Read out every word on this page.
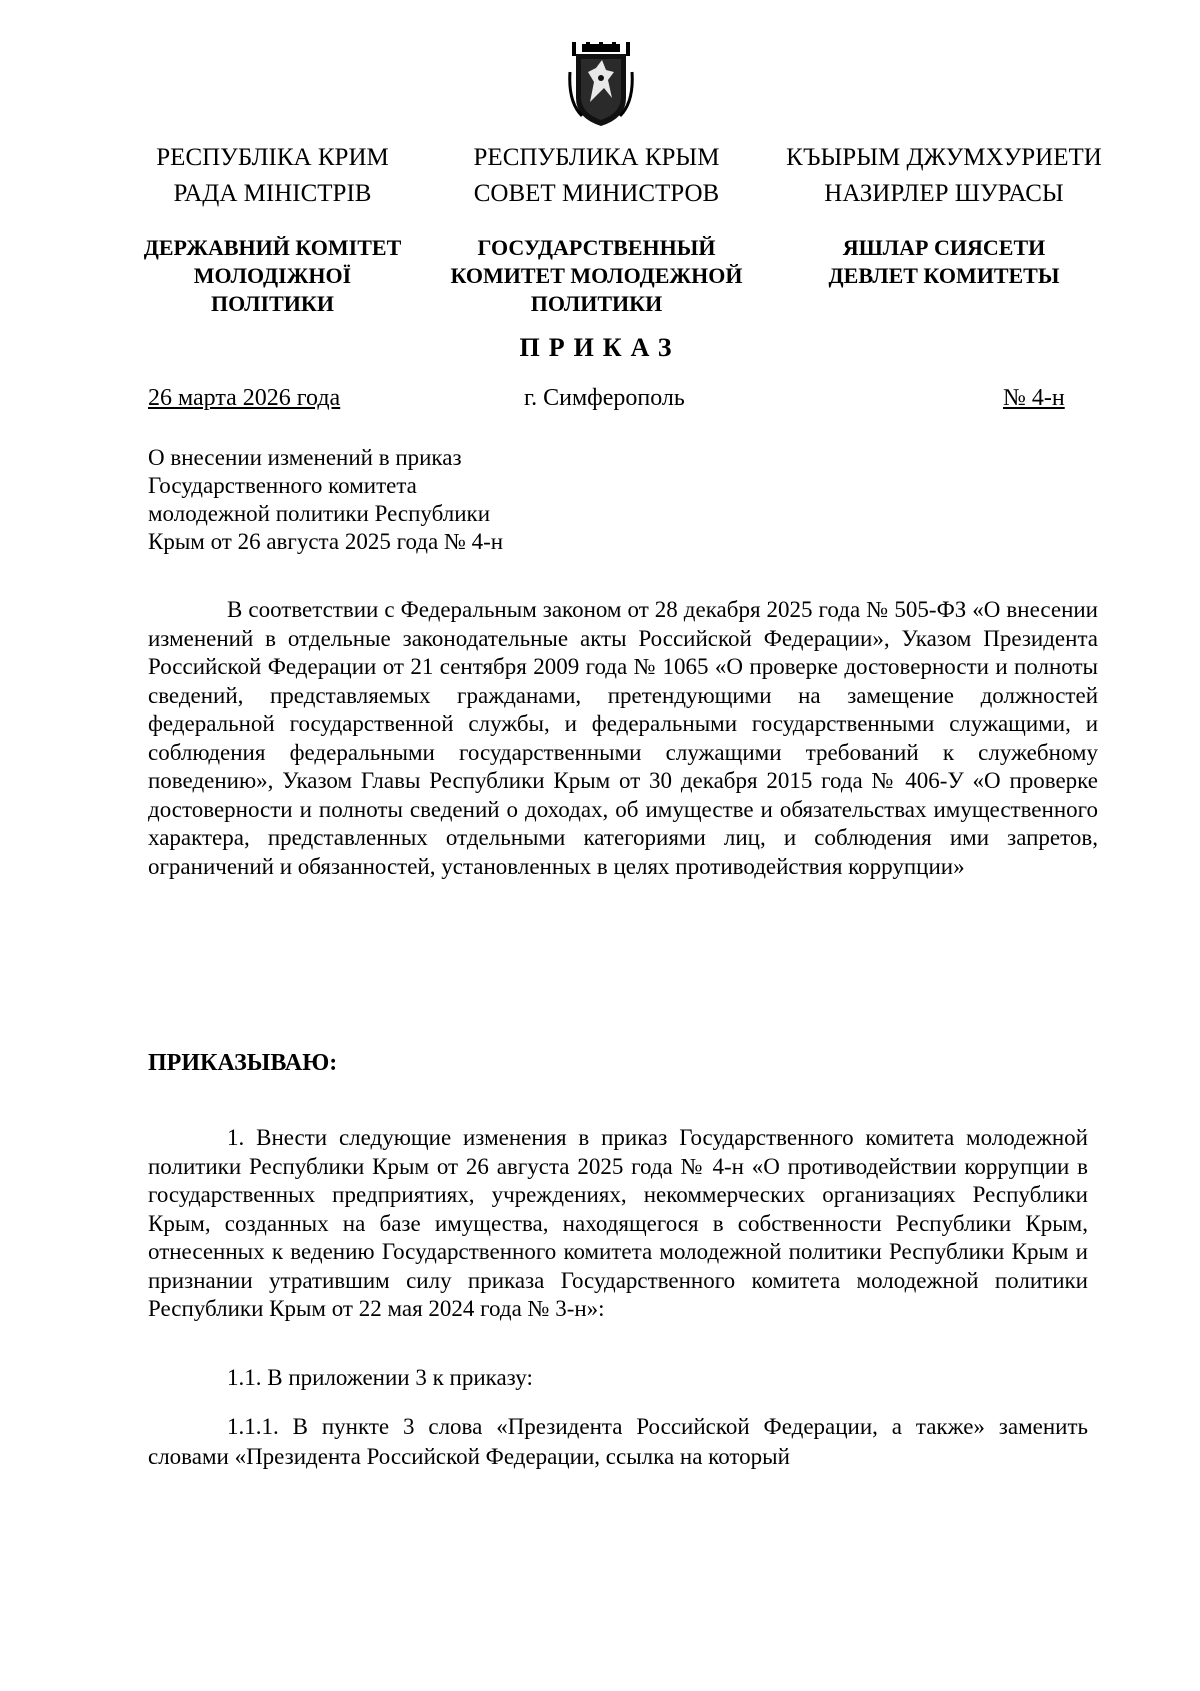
РЕСПУБЛІКА КРИМ
РАДА МІНІСТРІВ
ДЕРЖАВНИЙ КОМІТЕТ
МОЛОДІЖНОЇ
ПОЛІТИКИ
РЕСПУБЛИКА КРЫМ
СОВЕТ МИНИСТРОВ
ГОСУДАРСТВЕННЫЙ
КОМИТЕТ МОЛОДЕЖНОЙ
ПОЛИТИКИ
КЪЫРЫМ ДЖУМХУРИЕТИ
НАЗИРЛЕР ШУРАСЫ
ЯШЛАР СИЯСЕТИ
ДЕВЛЕТ КОМИТЕТЫ
ПРИКАЗ
26 марта 2026 года	г. Симферополь	№ 4-н
О внесении изменений в приказ
Государственного комитета
молодежной политики Республики
Крым от 26 августа 2025 года № 4-н
В соответствии с Федеральным законом от 28 декабря 2025 года № 505-ФЗ «О внесении изменений в отдельные законодательные акты Российской Федерации», Указом Президента Российской Федерации от 21 сентября 2009 года № 1065 «О проверке достоверности и полноты сведений, представляемых гражданами, претендующими на замещение должностей федеральной государственной службы, и федеральными государственными служащими, и соблюдения федеральными государственными служащими требований к служебному поведению», Указом Главы Республики Крым от 30 декабря 2015 года № 406-У «О проверке достоверности и полноты сведений о доходах, об имуществе и обязательствах имущественного характера, представленных отдельными категориями лиц, и соблюдения ими запретов, ограничений и обязанностей, установленных в целях противодействия коррупции»
ПРИКАЗЫВАЮ:
1. Внести следующие изменения в приказ Государственного комитета молодежной политики Республики Крым от 26 августа 2025 года № 4-н «О противодействии коррупции в государственных предприятиях, учреждениях, некоммерческих организациях Республики Крым, созданных на базе имущества, находящегося в собственности Республики Крым, отнесенных к ведению Государственного комитета молодежной политики Республики Крым и признании утратившим силу приказа Государственного комитета молодежной политики Республики Крым от 22 мая 2024 года № 3-н»:
1.1. В приложении 3 к приказу:
1.1.1. В пункте 3 слова «Президента Российской Федерации, а также» заменить словами «Президента Российской Федерации, ссылка на который
